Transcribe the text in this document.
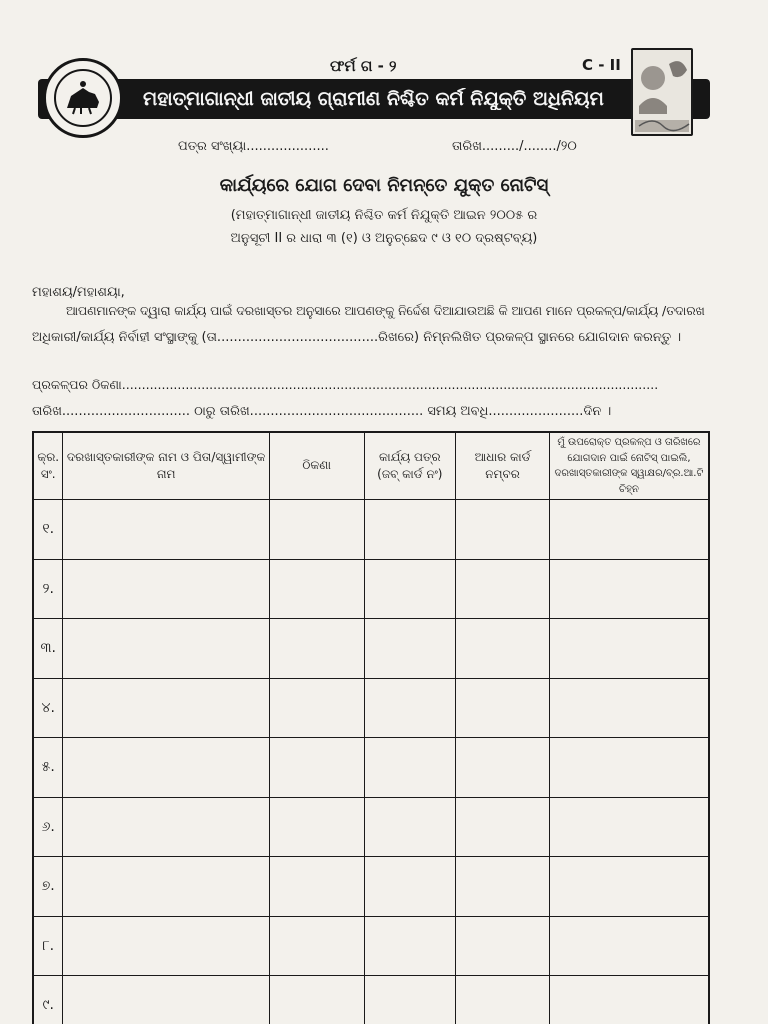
ଫର୍ମ ଗ - ୨	C - II
ମହାତ୍ମାଗାନ୍ଧୀ ଜାତୀୟ ଗ୍ରାମୀଣ ନିଶ୍ଚିତ କର୍ମ ନିଯୁକ୍ତି ଅଧିନିୟମ
ପତ୍ର ସଂଖ୍ୟା....................	ତାରିଖ........./......../୨୦
କାର୍ଯ୍ୟରେ ଯୋଗ ଦେବା ନିମନ୍ତେ ଯୁକ୍ତ ନୋଟିସ୍
(ମହାତ୍ମାଗାନ୍ଧୀ ଜାତୀୟ ନିଶ୍ଚିତ କର୍ମ ନିଯୁକ୍ତି ଆଇନ ୨୦୦୫ ର
ଅନୁସୂଚୀ II ର ଧାରା ୩ (୧) ଓ ଅନୁଚ୍ଛେଦ ୯ ଓ ୧୦ ଦ୍ରଷ୍ଟବ୍ୟ)
ମହାଶୟ/ମହାଶୟା,
ଆପଣମାନଙ୍କ ଦ୍ୱାରା କାର୍ଯ୍ୟ ପାଇଁ ଦରଖାସ୍ତର ଅନୁସାରେ ଆପଣଙ୍କୁ ନିର୍ଦ୍ଦେଶ ଦିଆଯାଉଅଛି କି ଆପଣ ମାନେ ପ୍ରକଳ୍ପ/କାର୍ଯ୍ୟ /ତଦାରଖ
ଅଧିକାରୀ/କାର୍ଯ୍ୟ ନିର୍ବାହୀ ସଂସ୍ଥାଙ୍କୁ (ତା.......................................ରିଖରେ) ନିମ୍ନଲିଖିତ ପ୍ରକଳ୍ପ ସ୍ଥାନରେ ଯୋଗଦାନ କରନ୍ତୁ ।
ପ୍ରକଳ୍ପର ଠିକଣା.......................................................................................................................................
ତାରିଖ............................... ଠାରୁ ତାରିଖ.......................................... ସମୟ ଅବଧି.......................ଦିନ ।
କ୍ର. ସଂ.	ଦରଖାସ୍ତକାରୀଙ୍କ ନାମ ଓ ପିତା/ସ୍ୱାମୀଙ୍କ ନାମ	ଠିକଣା	କାର୍ଯ୍ୟ ପତ୍ର (ଜବ୍ କାର୍ଡ ନଂ)	ଆଧାର କାର୍ଡ ନମ୍ବର	ମୁଁ ଉପରୋକ୍ତ ପ୍ରକଳ୍ପ ଓ ତାରିଖରେ ଯୋଗଦାନ ପାଇଁ ନୋଟିସ୍ ପାଇଲି, ଦରଖାସ୍ତକାରୀଙ୍କ ସ୍ୱାକ୍ଷର/ବ୍ର.ଆ.ଟି ଚିହ୍ନ
୧.					
୨.					
୩.					
୪.					
୫.					
୬.					
୭.					
୮.					
୯.					
